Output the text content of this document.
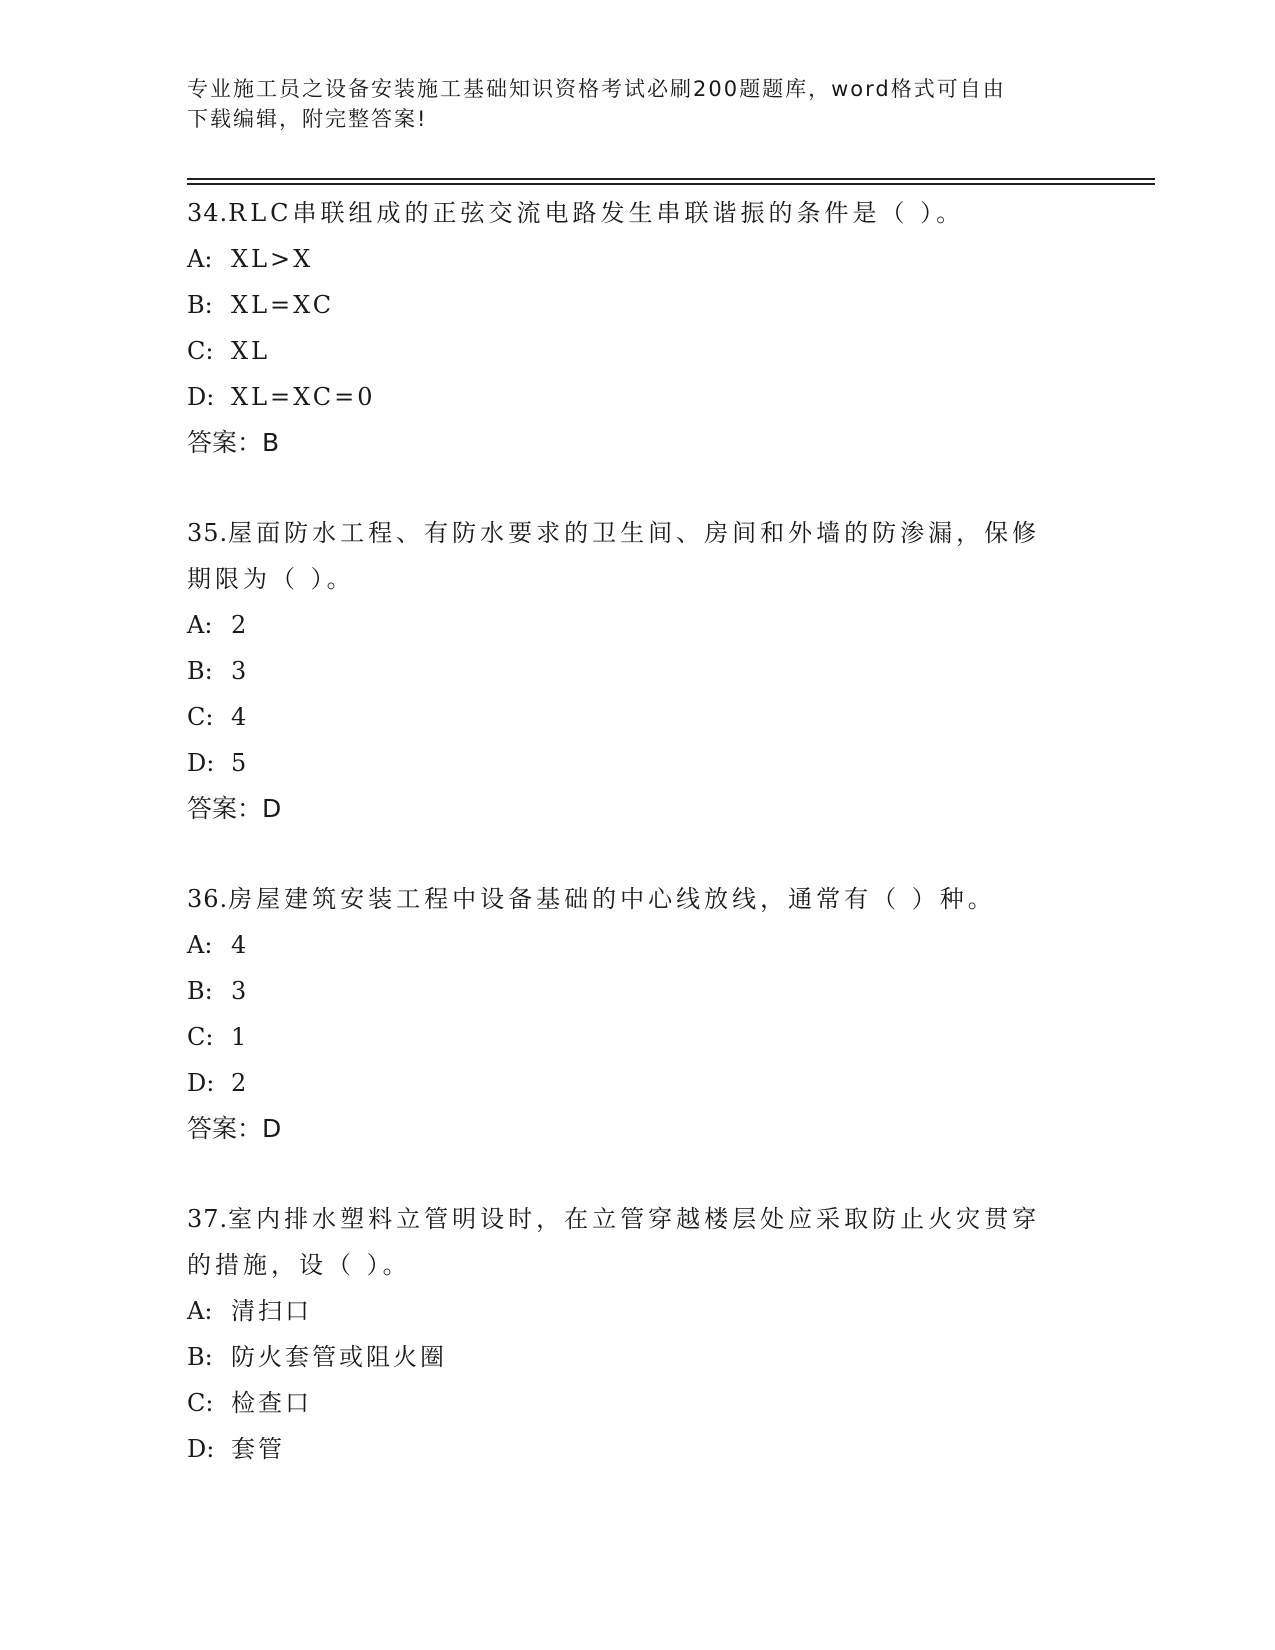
专业施工员之设备安装施工基础知识资格考试必刷200题题库，word格式可自由
下载编辑，附完整答案!
34.RLC串联组成的正弦交流电路发生串联谐振的条件是（ ）。
A: XL>X
B: XL=XC
C: XL
D: XL=XC=0
答案：B
35.屋面防水工程、有防水要求的卫生间、房间和外墙的防渗漏，保修
期限为（ ）。
A: 2
B: 3
C: 4
D: 5
答案：D
36.房屋建筑安装工程中设备基础的中心线放线，通常有（ ）种。
A: 4
B: 3
C: 1
D: 2
答案：D
37.室内排水塑料立管明设时，在立管穿越楼层处应采取防止火灾贯穿
的措施，设（ ）。
A: 清扫口
B: 防火套管或阻火圈
C: 检查口
D: 套管
